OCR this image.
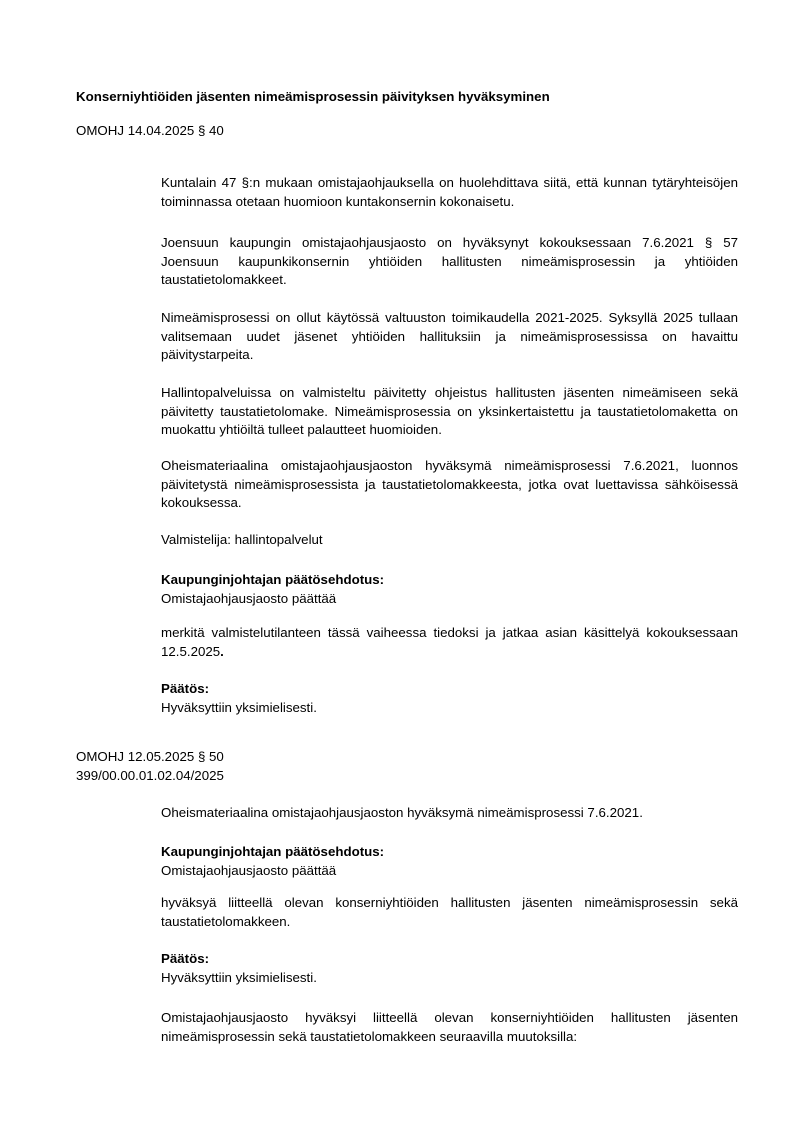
Konserniyhtiöiden jäsenten nimeämisprosessin päivityksen hyväksyminen
OMOHJ 14.04.2025 § 40
Kuntalain 47 §:n mukaan omistajaohjauksella on huolehdittava siitä, että kunnan tytäryhteisöjen toiminnassa otetaan huomioon kuntakonsernin kokonaisetu.
Joensuun kaupungin omistajaohjausjaosto on hyväksynyt kokouksessaan 7.6.2021 § 57 Joensuun kaupunkikonsernin yhtiöiden hallitusten nimeämisprosessin ja yhtiöiden taustatietolomakkeet.
Nimeämisprosessi on ollut käytössä valtuuston toimikaudella 2021-2025. Syksyllä 2025 tullaan valitsemaan uudet jäsenet yhtiöiden hallituksiin ja nimeämisprosessissa on havaittu päivitystarpeita.
Hallintopalveluissa on valmisteltu päivitetty ohjeistus hallitusten jäsenten nimeämiseen sekä päivitetty taustatietolomake. Nimeämisprosessia on yksinkertaistettu ja taustatietolomaketta on muokattu yhtiöiltä tulleet palautteet huomioiden.
Oheismateriaalina omistajaohjausjaoston hyväksymä nimeämisprosessi 7.6.2021, luonnos päivitetystä nimeämisprosessista ja taustatietolomakkeesta, jotka ovat luettavissa sähköisessä kokouksessa.
Valmistelija: hallintopalvelut
Kaupunginjohtajan päätösehdotus:
Omistajaohjausjaosto päättää
merkitä valmistelutilanteen tässä vaiheessa tiedoksi ja jatkaa asian käsittelyä kokouksessaan 12.5.2025.
Päätös:
Hyväksyttiin yksimielisesti.
OMOHJ 12.05.2025 § 50
399/00.00.01.02.04/2025
Oheismateriaalina omistajaohjausjaoston hyväksymä nimeämisprosessi 7.6.2021.
Kaupunginjohtajan päätösehdotus:
Omistajaohjausjaosto päättää
hyväksyä liitteellä olevan konserniyhtiöiden hallitusten jäsenten nimeämisprosessin sekä taustatietolomakkeen.
Päätös:
Hyväksyttiin yksimielisesti.
Omistajaohjausjaosto hyväksyi liitteellä olevan konserniyhtiöiden hallitusten jäsenten nimeämisprosessin sekä taustatietolomakkeen seuraavilla muutoksilla:
